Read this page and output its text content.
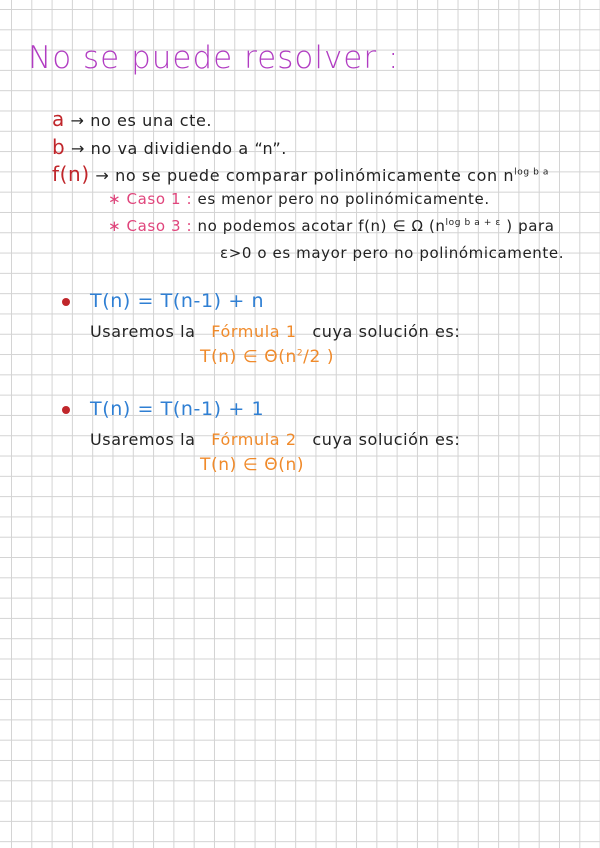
No se puede resolver :
a → no es una cte.
b → no va dividiendo a “n”.
f(n) → no se puede comparar polinómicamente con $n^{log b a}$
∗ Caso 1 : es menor pero no polinómicamente.
∗ Caso 3 : no podemos acotar f(n) ∈ Ω ($n^{log b a + \varepsilon}$ ) para
ε>0 o es mayor pero no polinómicamente.
T(n) = T(n-1) + n
Usaremos la Fórmula 1 cuya solución es:
T(n) ∈ $\Theta(n^2/2$ )
T(n) = T(n-1) + 1
Usaremos la Fórmula 2 cuya solución es:
T(n) ∈ Θ(n)
